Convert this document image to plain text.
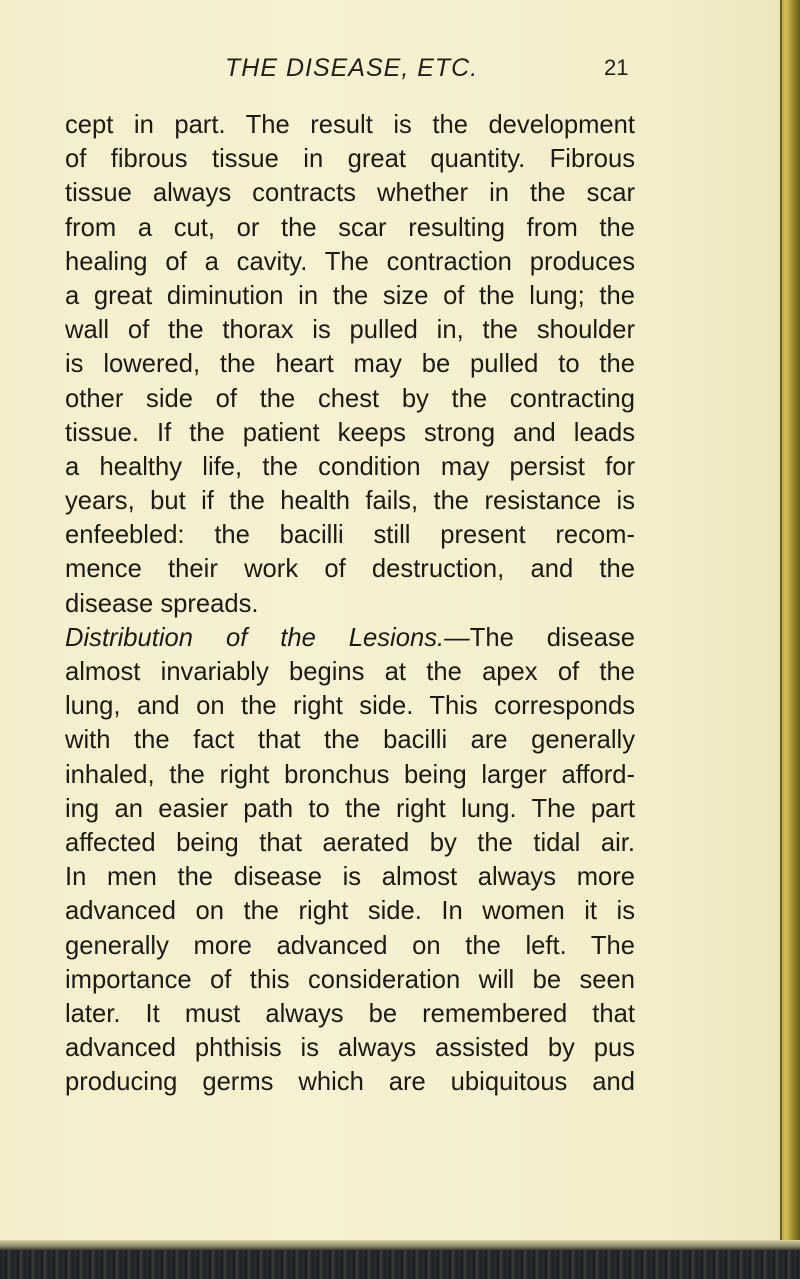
THE DISEASE, ETC.	21
cept in part. The result is the development
of fibrous tissue in great quantity. Fibrous
tissue always contracts whether in the scar
from a cut, or the scar resulting from the
healing of a cavity. The contraction produces
a great diminution in the size of the lung; the
wall of the thorax is pulled in, the shoulder
is lowered, the heart may be pulled to the
other side of the chest by the contracting
tissue. If the patient keeps strong and leads
a healthy life, the condition may persist for
years, but if the health fails, the resistance is
enfeebled: the bacilli still present recom-
mence their work of destruction, and the
disease spreads.
Distribution of the Lesions.—The disease
almost invariably begins at the apex of the
lung, and on the right side. This corresponds
with the fact that the bacilli are generally
inhaled, the right bronchus being larger afford-
ing an easier path to the right lung. The part
affected being that aerated by the tidal air.
In men the disease is almost always more
advanced on the right side. In women it is
generally more advanced on the left. The
importance of this consideration will be seen
later. It must always be remembered that
advanced phthisis is always assisted by pus
producing germs which are ubiquitous and
